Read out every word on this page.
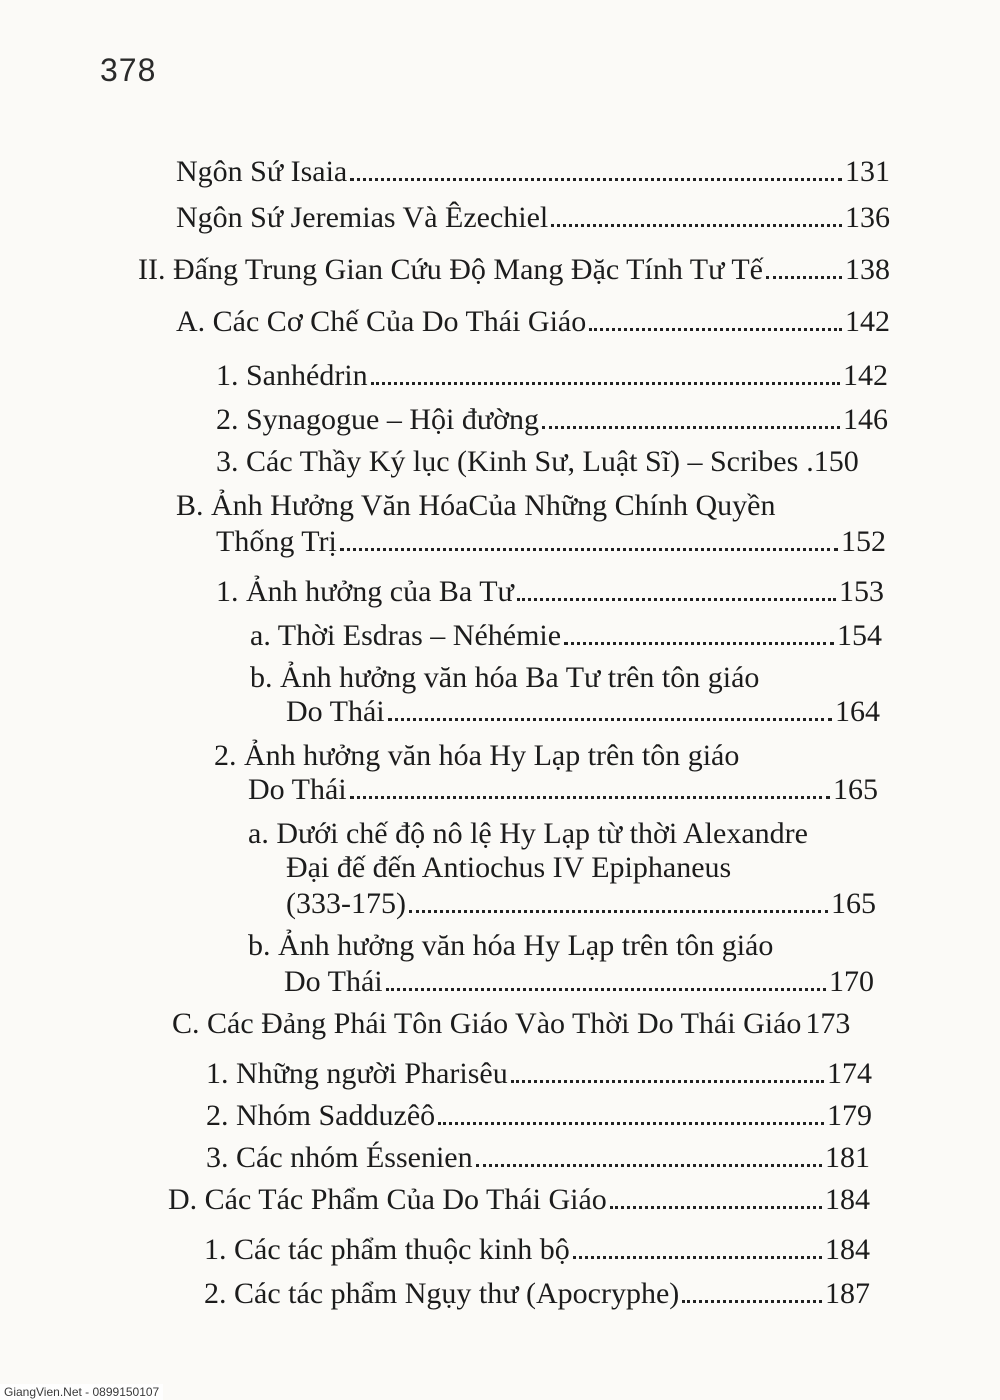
378
Ngôn Sứ Isaia	131
Ngôn Sứ Jeremias Và Êzechiel	136
II. Đấng Trung Gian Cứu Độ Mang Đặc Tính Tư Tế	138
A. Các Cơ Chế Của Do Thái Giáo	142
1. Sanhédrin	142
2. Synagogue – Hội đường	146
3. Các Thầy Ký lục (Kinh Sư, Luật Sĩ) – Scribes .150
B. Ảnh Hưởng Văn HóaCủa Những Chính Quyền
Thống Trị	152
1. Ảnh hưởng của Ba Tư	153
a. Thời Esdras – Néhémie	154
b. Ảnh hưởng văn hóa Ba Tư trên tôn giáo
Do Thái	164
2. Ảnh hưởng văn hóa Hy Lạp trên tôn giáo
Do Thái	165
a. Dưới chế độ nô lệ Hy Lạp từ thời Alexandre
Đại đế đến Antiochus IV Epiphaneus
(333-175)	165
b. Ảnh hưởng văn hóa Hy Lạp trên tôn giáo
Do Thái	170
C. Các Đảng Phái Tôn Giáo Vào Thời Do Thái Giáo 173
1. Những người Pharisêu	174
2. Nhóm Sadduzêô	179
3. Các nhóm Éssenien	181
D. Các Tác Phẩm Của Do Thái Giáo	184
1. Các tác phẩm thuộc kinh bộ	184
2. Các tác phẩm Ngụy thư (Apocryphe)	187
GiangVien.Net - 0899150107
